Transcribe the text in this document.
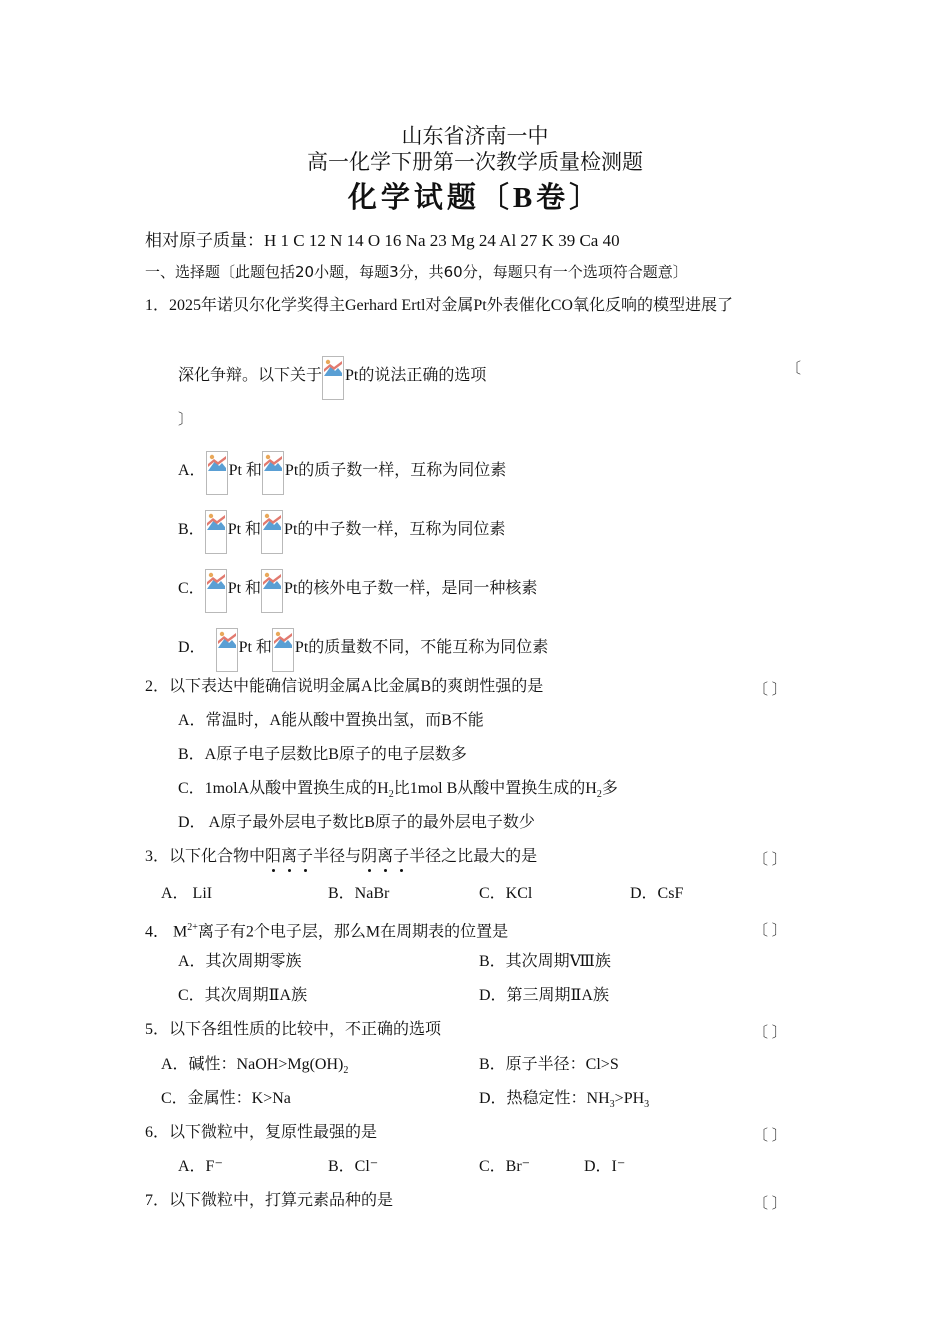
山东省济南一中
高一化学下册第一次教学质量检测题
化学试题〔B卷〕
相对原子质量：H 1 C 12 N 14 O 16 Na 23 Mg 24 Al 27 K 39 Ca 40
一、选择题〔此题包括20小题，每题3分，共60分，每题只有一个选项符合题意〕
1．2025年诺贝尔化学奖得主Gerhard Ertl对金属Pt外表催化CO氧化反响的模型进展了
深化争辩。以下关于 Pt的说法正确的选项	〔
〕
A． Pt 和 Pt的质子数一样，互称为同位素
B． Pt 和 Pt的中子数一样，互称为同位素
C． Pt 和 Pt的核外电子数一样，是同一种核素
D． Pt 和 Pt的质量数不同，不能互称为同位素
2．以下表达中能确信说明金属A比金属B的爽朗性强的是	〔 〕
A．常温时，A能从酸中置换出氢，而B不能
B．A原子电子层数比B原子的电子层数多
C．1molA从酸中置换生成的$H_2$比1mol B从酸中置换生成的$H_2$多
D． A原子最外层电子数比B原子的最外层电子数少
3．以下化合物中阳离子半径与阴离子半径之比最大的是	〔 〕
A． LiI	B．NaBr	C．KCl	D．CsF
4． $M^{2+}$离子有2个电子层，那么M在周期表的位置是	〔 〕
A．其次周期零族	B．其次周期Ⅷ族
C．其次周期ⅡA族	D．第三周期ⅡA族
5．以下各组性质的比较中，不正确的选项	〔 〕
A．碱性：$NaOH>Mg(OH)_2$	B．原子半径：Cl>S
C．金属性：K>Na	D．热稳定性：$NH_3>PH_3$
6．以下微粒中，复原性最强的是	〔 〕
A．F⁻	B．Cl⁻	C．Br⁻	D．I⁻
7．以下微粒中，打算元素品种的是	〔 〕
